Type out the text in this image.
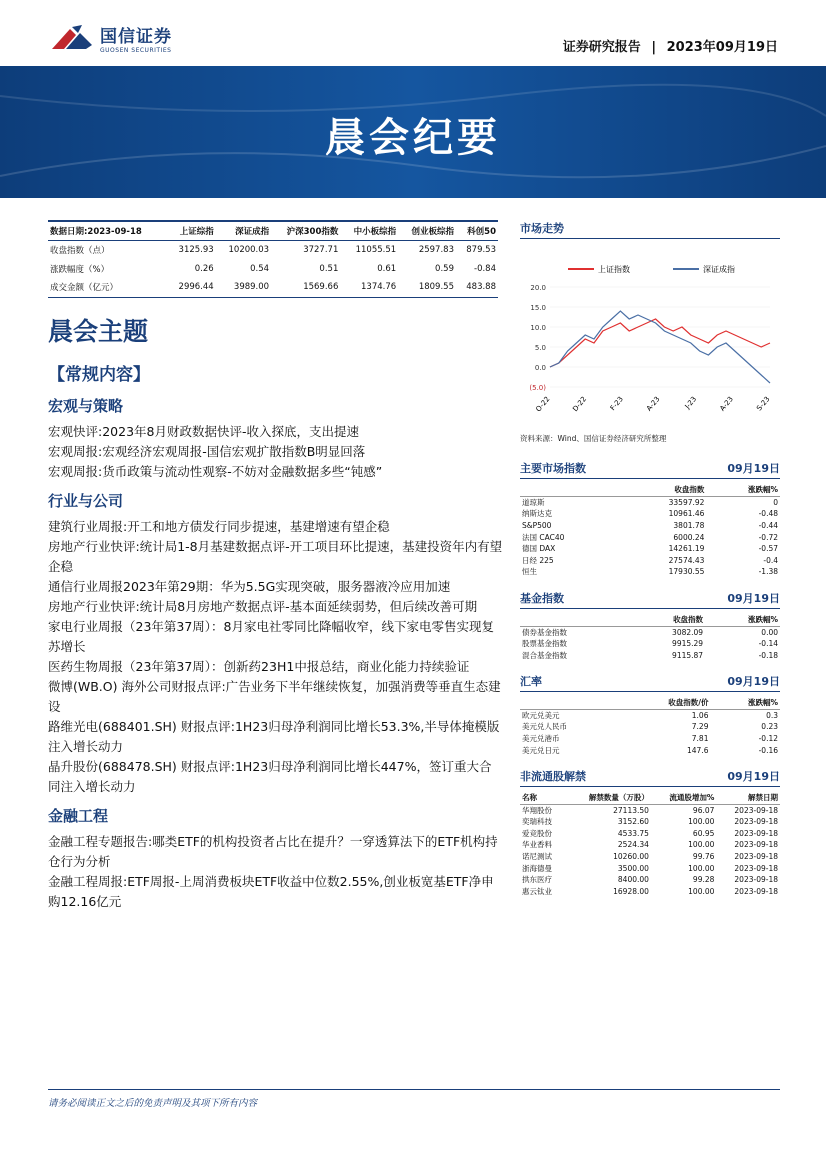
国信证券
GUOSEN SECURITIES	证券研究报告 | 2023年09月19日
晨会纪要
数据日期:2023-09-18	上证综指	深证成指	沪深300指数	中小板综指	创业板综指	科创50
收盘指数（点）	3125.93	10200.03	3727.71	11055.51	2597.83	879.53
涨跌幅度（%）	0.26	0.54	0.51	0.61	0.59	-0.84
成交金额（亿元）	2996.44	3989.00	1569.66	1374.76	1809.55	483.88
晨会主题
【常规内容】
宏观与策略
宏观快评:2023年8月财政数据快评-收入探底，支出提速
宏观周报:宏观经济宏观周报-国信宏观扩散指数B明显回落
宏观周报:货币政策与流动性观察-不妨对金融数据多些“钝感”
行业与公司
建筑行业周报:开工和地方债发行同步提速，基建增速有望企稳
房地产行业快评:统计局1-8月基建数据点评-开工项目环比提速，基建投资年内有望企稳
通信行业周报2023年第29期：华为5.5G实现突破，服务器液冷应用加速
房地产行业快评:统计局8月房地产数据点评-基本面延续弱势，但后续改善可期
家电行业周报（23年第37周）：8月家电社零同比降幅收窄，线下家电零售实现复苏增长
医药生物周报（23年第37周）：创新药23H1中报总结，商业化能力持续验证
微博(WB.O) 海外公司财报点评:广告业务下半年继续恢复，加强消费等垂直生态建设
路维光电(688401.SH) 财报点评:1H23归母净利润同比增长53.3%,半导体掩模版注入增长动力
晶升股份(688478.SH) 财报点评:1H23归母净利润同比增长447%，签订重大合同注入增长动力
金融工程
金融工程专题报告:哪类ETF的机构投资者占比在提升？一穿透算法下的ETF机构持仓行为分析
金融工程周报:ETF周报-上周消费板块ETF收益中位数2.55%,创业板宽基ETF净申购12.16亿元
市场走势
上证指数	深证成指
20.0
15.0
10.0
5.0
0.0
(5.0)
O-22	D-22	F-23	A-23	J-23	A-23	S-23
资料来源：Wind、国信证券经济研究所整理
主要市场指数	09月19日
	收盘指数	涨跌幅%
道琼斯	33597.92	0
纳斯达克	10961.46	-0.48
S&P500	3801.78	-0.44
法国 CAC40	6000.24	-0.72
德国 DAX	14261.19	-0.57
日经 225	27574.43	-0.4
恒生	17930.55	-1.38
基金指数	09月19日
	收盘指数	涨跌幅%
债券基金指数	3082.09	0.00
股票基金指数	9915.29	-0.14
混合基金指数	9115.87	-0.18
汇率	09月19日
	收盘指数/价	涨跌幅%
欧元兑美元	1.06	0.3
美元兑人民币	7.29	0.23
美元兑港币	7.81	-0.12
美元兑日元	147.6	-0.16
非流通股解禁	09月19日
名称	解禁数量（万股）	流通股增加%	解禁日期
华翔股份	27113.50	96.07	2023-09-18
奕瑞科技	3152.60	100.00	2023-09-18
爱竞股份	4533.75	60.95	2023-09-18
华业香料	2524.34	100.00	2023-09-18
诺尼测试	10260.00	99.76	2023-09-18
浙海德曼	3500.00	100.00	2023-09-18
拱东医疗	8400.00	99.28	2023-09-18
惠云钛业	16928.00	100.00	2023-09-18
请务必阅读正文之后的免责声明及其项下所有内容
